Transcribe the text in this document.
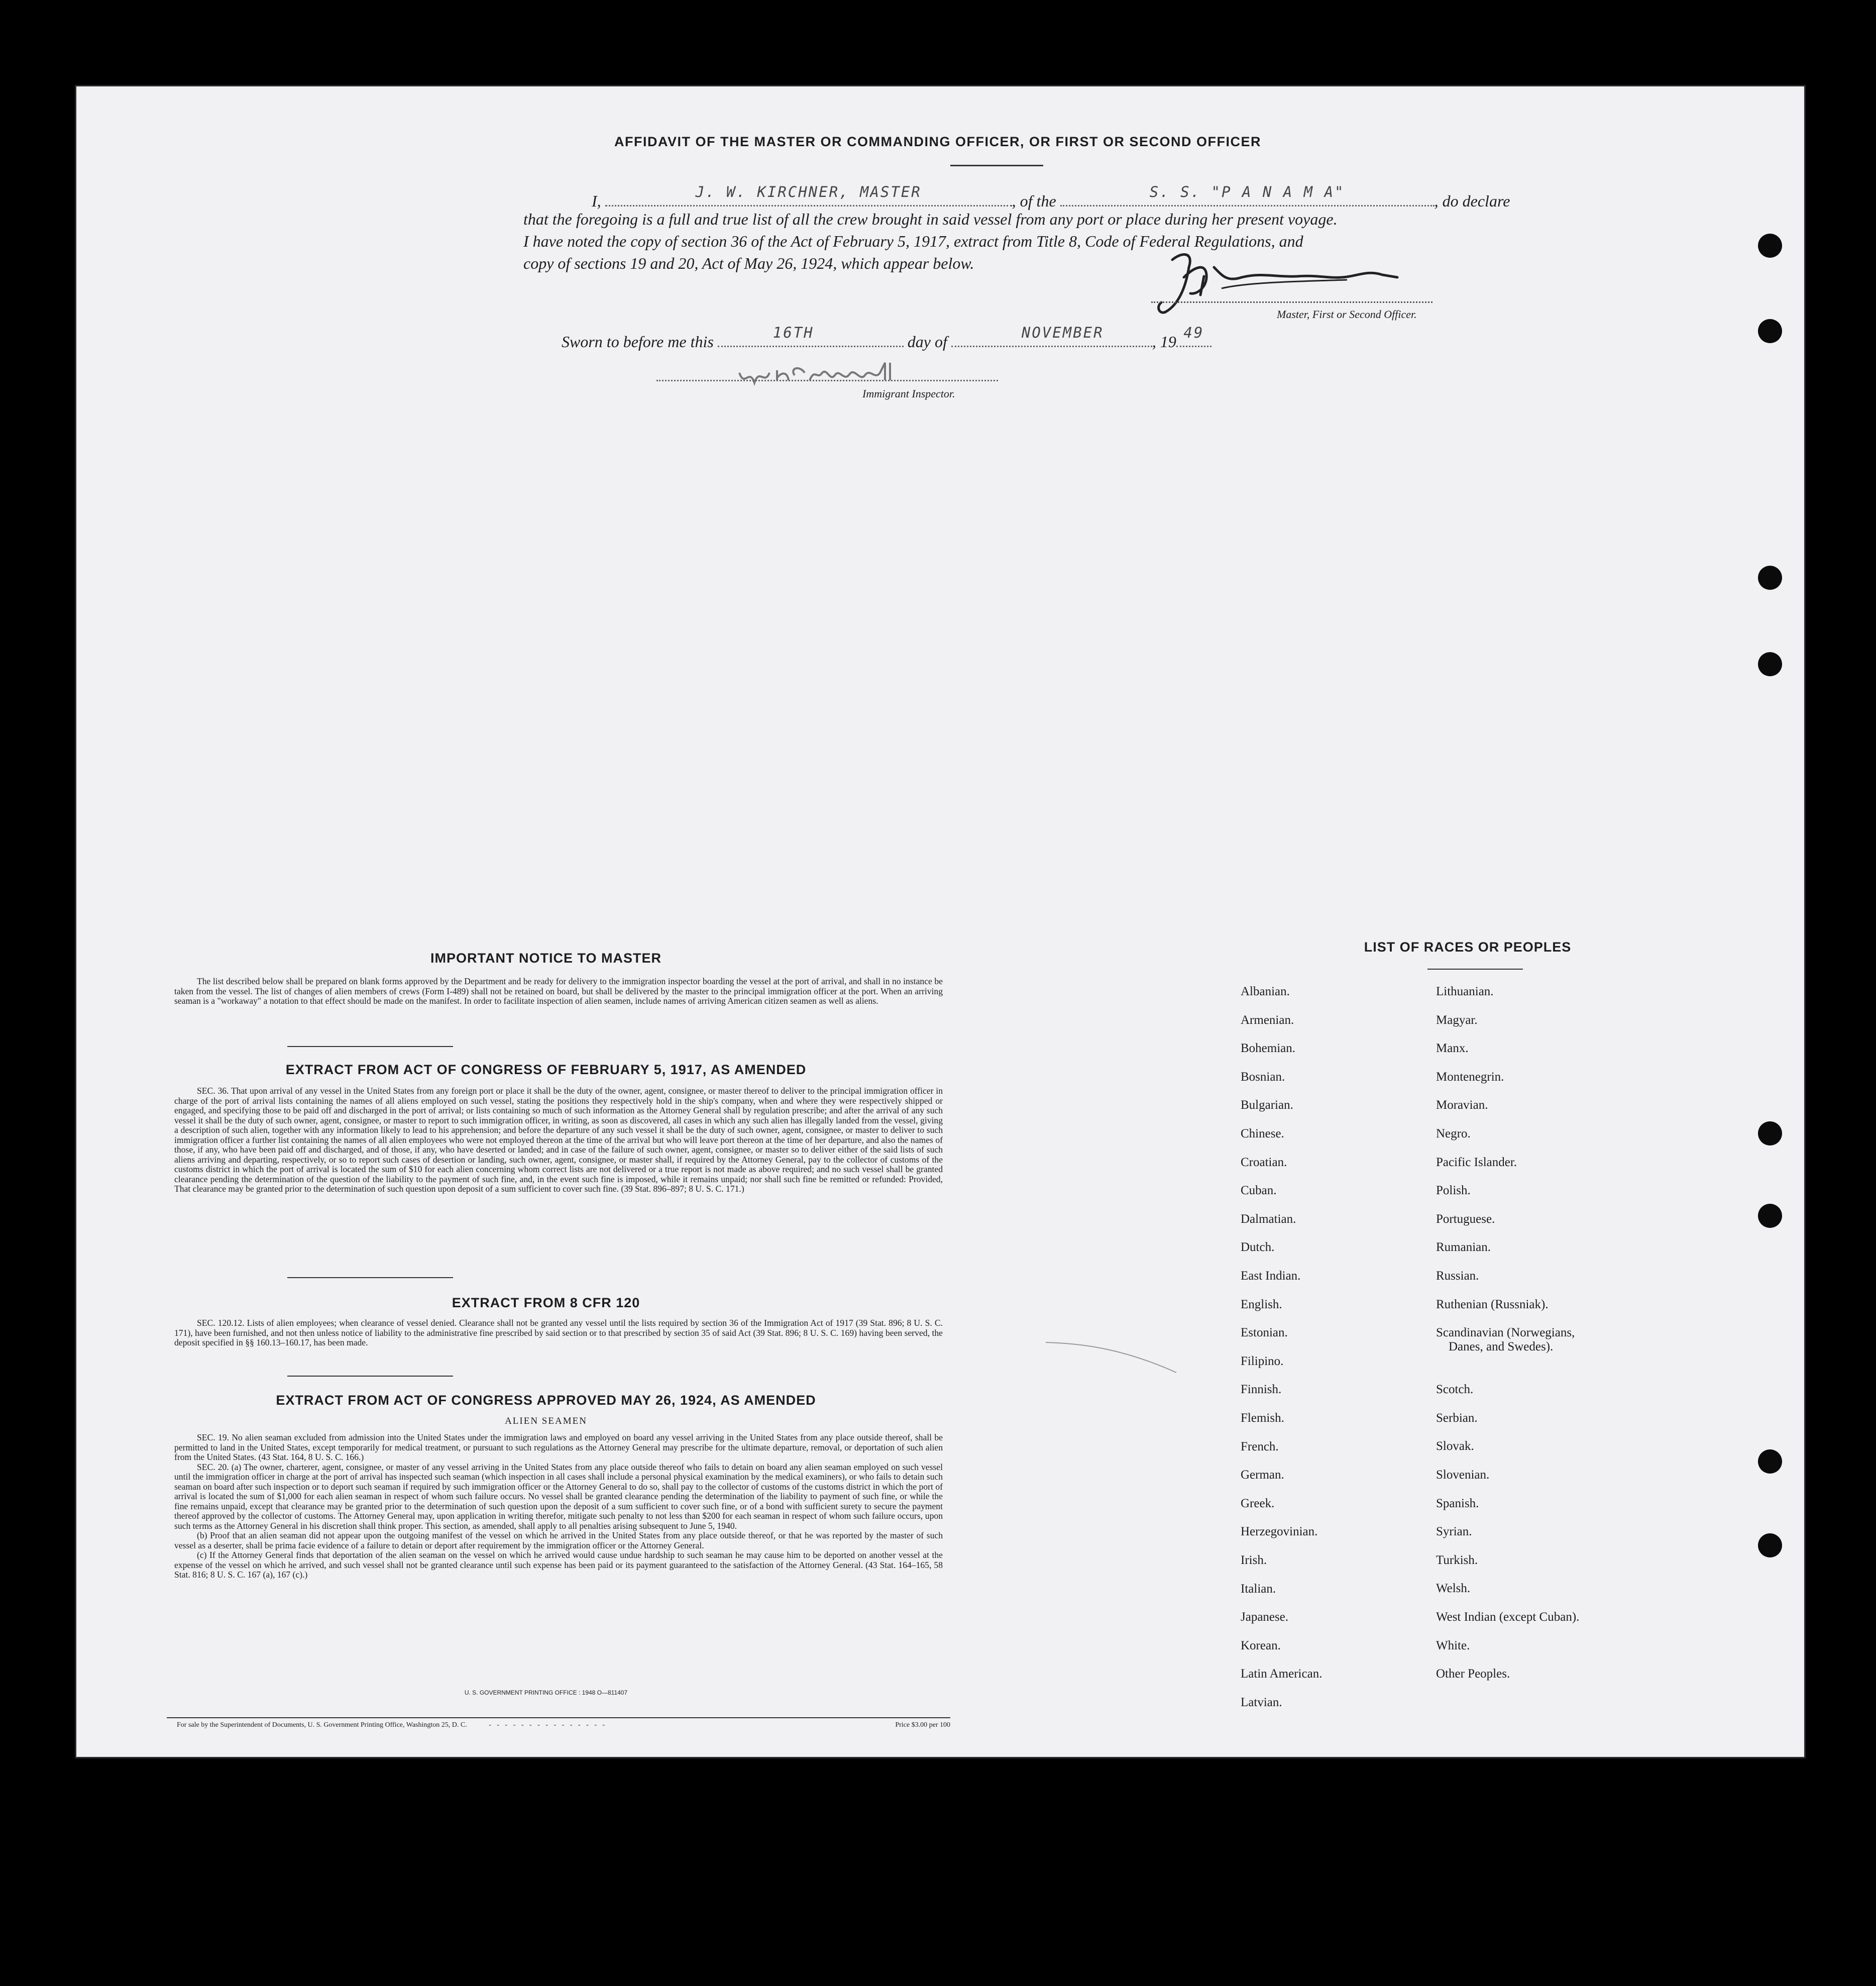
AFFIDAVIT OF THE MASTER OR COMMANDING OFFICER, OR FIRST OR SECOND OFFICER
I,	J. W. KIRCHNER, MASTER	, of the	S. S. "P A N A M A"	, do declare
that the foregoing is a full and true list of all the crew brought in said vessel from any port or place during her present voyage.
I have noted the copy of section 36 of the Act of February 5, 1917, extract from Title 8, Code of Federal Regulations, and
copy of sections 19 and 20, Act of May 26, 1924, which appear below.
Master, First or Second Officer.
Sworn to before me this	16TH	day of	NOVEMBER	, 19 49
Immigrant Inspector.
IMPORTANT NOTICE TO MASTER

The list described below shall be prepared on blank forms approved by the Department and be ready for delivery to the immigration inspector boarding the vessel at the port of arrival, and shall in no instance be taken from the vessel. The list of changes of alien members of crews (Form I-489) shall not be retained on board, but shall be delivered by the master to the principal immigration officer at the port. When an arriving seaman is a "workaway" a notation to that effect should be made on the manifest. In order to facilitate inspection of alien seamen, include names of arriving American citizen seamen as well as aliens.

EXTRACT FROM ACT OF CONGRESS OF FEBRUARY 5, 1917, AS AMENDED

SEC. 36. That upon arrival of any vessel in the United States from any foreign port or place it shall be the duty of the owner, agent, consignee, or master thereof to deliver to the principal immigration officer in charge of the port of arrival lists containing the names of all aliens employed on such vessel, stating the positions they respectively hold in the ship's company, when and where they were respectively shipped or engaged, and specifying those to be paid off and discharged in the port of arrival; or lists containing so much of such information as the Attorney General shall by regulation prescribe; and after the arrival of any such vessel it shall be the duty of such owner, agent, consignee, or master to report to such immigration officer, in writing, as soon as discovered, all cases in which any such alien has illegally landed from the vessel, giving a description of such alien, together with any information likely to lead to his apprehension; and before the departure of any such vessel it shall be the duty of such owner, agent, consignee, or master to deliver to such immigration officer a further list containing the names of all alien employees who were not employed thereon at the time of the arrival but who will leave port thereon at the time of her departure, and also the names of those, if any, who have been paid off and discharged, and of those, if any, who have deserted or landed; and in case of the failure of such owner, agent, consignee, or master so to deliver either of the said lists of such aliens arriving and departing, respectively, or so to report such cases of desertion or landing, such owner, agent, consignee, or master shall, if required by the Attorney General, pay to the collector of customs of the customs district in which the port of arrival is located the sum of $10 for each alien concerning whom correct lists are not delivered or a true report is not made as above required; and no such vessel shall be granted clearance pending the determination of the question of the liability to the payment of such fine, and, in the event such fine is imposed, while it remains unpaid; nor shall such fine be remitted or refunded: Provided, That clearance may be granted prior to the determination of such question upon deposit of a sum sufficient to cover such fine. (39 Stat. 896–897; 8 U. S. C. 171.)

EXTRACT FROM 8 CFR 120

SEC. 120.12. Lists of alien employees; when clearance of vessel denied. Clearance shall not be granted any vessel until the lists required by section 36 of the Immigration Act of 1917 (39 Stat. 896; 8 U. S. C. 171), have been furnished, and not then unless notice of liability to the administrative fine prescribed by said section or to that prescribed by section 35 of said Act (39 Stat. 896; 8 U. S. C. 169) having been served, the deposit specified in §§ 160.13–160.17, has been made.

EXTRACT FROM ACT OF CONGRESS APPROVED MAY 26, 1924, AS AMENDED
ALIEN SEAMEN

SEC. 19. No alien seaman excluded from admission into the United States under the immigration laws and employed on board any vessel arriving in the United States from any place outside thereof, shall be permitted to land in the United States, except temporarily for medical treatment, or pursuant to such regulations as the Attorney General may prescribe for the ultimate departure, removal, or deportation of such alien from the United States. (43 Stat. 164, 8 U. S. C. 166.)

SEC. 20. (a) The owner, charterer, agent, consignee, or master of any vessel arriving in the United States from any place outside thereof who fails to detain on board any alien seaman employed on such vessel until the immigration officer in charge at the port of arrival has inspected such seaman (which inspection in all cases shall include a personal physical examination by the medical examiners), or who fails to detain such seaman on board after such inspection or to deport such seaman if required by such immigration officer or the Attorney General to do so, shall pay to the collector of customs of the customs district in which the port of arrival is located the sum of $1,000 for each alien seaman in respect of whom such failure occurs. No vessel shall be granted clearance pending the determination of the liability to payment of such fine, or while the fine remains unpaid, except that clearance may be granted prior to the determination of such question upon the deposit of a sum sufficient to cover such fine, or of a bond with sufficient surety to secure the payment thereof approved by the collector of customs. The Attorney General may, upon application in writing therefor, mitigate such penalty to not less than $200 for each seaman in respect of whom such failure occurs, upon such terms as the Attorney General in his discretion shall think proper. This section, as amended, shall apply to all penalties arising subsequent to June 5, 1940.

(b) Proof that an alien seaman did not appear upon the outgoing manifest of the vessel on which he arrived in the United States from any place outside thereof, or that he was reported by the master of such vessel as a deserter, shall be prima facie evidence of a failure to detain or deport after requirement by the immigration officer or the Attorney General.

(c) If the Attorney General finds that deportation of the alien seaman on the vessel on which he arrived would cause undue hardship to such seaman he may cause him to be deported on another vessel at the expense of the vessel on which he arrived, and such vessel shall not be granted clearance until such expense has been paid or its payment guaranteed to the satisfaction of the Attorney General. (43 Stat. 164–165, 58 Stat. 816; 8 U. S. C. 167 (a), 167 (c).)

U. S. GOVERNMENT PRINTING OFFICE : 1948 O—811407
For sale by the Superintendent of Documents, U. S. Government Printing Office, Washington 25, D. C.	- - - - - - - - - - - - - - -	Price $3.00 per 100
LIST OF RACES OR PEOPLES
Albanian.
Armenian.
Bohemian.
Bosnian.
Bulgarian.
Chinese.
Croatian.
Cuban.
Dalmatian.
Dutch.
East Indian.
English.
Estonian.
Filipino.
Finnish.
Flemish.
French.
German.
Greek.
Herzegovinian.
Irish.
Italian.
Japanese.
Korean.
Latin American.
Latvian.
Lithuanian.
Magyar.
Manx.
Montenegrin.
Moravian.
Negro.
Pacific Islander.
Polish.
Portuguese.
Rumanian.
Russian.
Ruthenian (Russniak).
Scandinavian (Norwegians,
Danes, and Swedes).
Scotch.
Serbian.
Slovak.
Slovenian.
Spanish.
Syrian.
Turkish.
Welsh.
West Indian (except Cuban).
White.
Other Peoples.
